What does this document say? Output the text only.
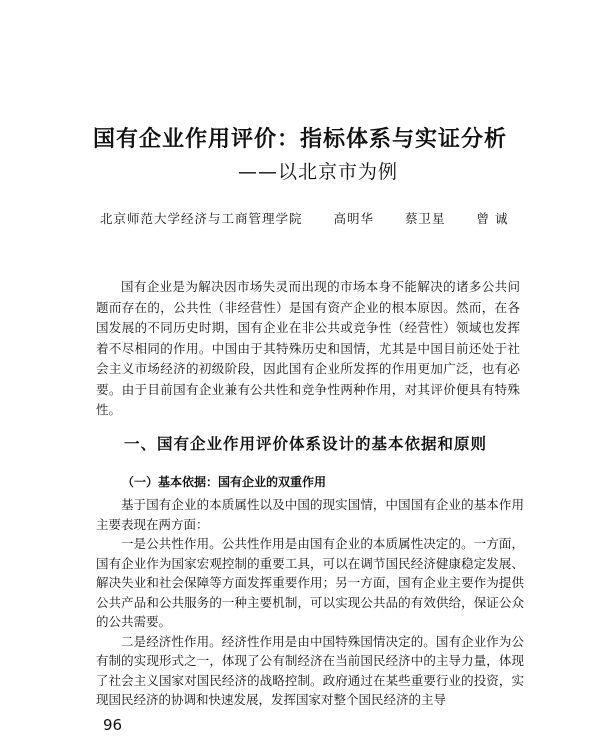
国有企业作用评价：指标体系与实证分析
——以北京市为例
北京师范大学经济与工商管理学院 高明华 蔡卫星 曾 诚

国有企业是为解决因市场失灵而出现的市场本身不能解决的诸多公共问题而存在的，公共性（非经营性）是国有资产企业的根本原因。然而，在各国发展的不同历史时期，国有企业在非公共或竞争性（经营性）领域也发挥着不尽相同的作用。中国由于其特殊历史和国情，尤其是中国目前还处于社会主义市场经济的初级阶段，因此国有企业所发挥的作用更加广泛，也有必要。由于目前国有企业兼有公共性和竞争性两种作用，对其评价便具有特殊性。

一、国有企业作用评价体系设计的基本依据和原则
（一）基本依据：国有企业的双重作用

基于国有企业的本质属性以及中国的现实国情，中国国有企业的基本作用主要表现在两方面：

一是公共性作用。公共性作用是由国有企业的本质属性决定的。一方面，国有企业作为国家宏观控制的重要工具，可以在调节国民经济健康稳定发展、解决失业和社会保障等方面发挥重要作用；另一方面，国有企业主要作为提供公共产品和公共服务的一种主要机制，可以实现公共品的有效供给，保证公众的公共需要。

二是经济性作用。经济性作用是由中国特殊国情决定的。国有企业作为公有制的实现形式之一，体现了公有制经济在当前国民经济中的主导力量，体现了社会主义国家对国民经济的战略控制。政府通过在某些重要行业的投资，实现国民经济的协调和快速发展，发挥国家对整个国民经济的主导

96
